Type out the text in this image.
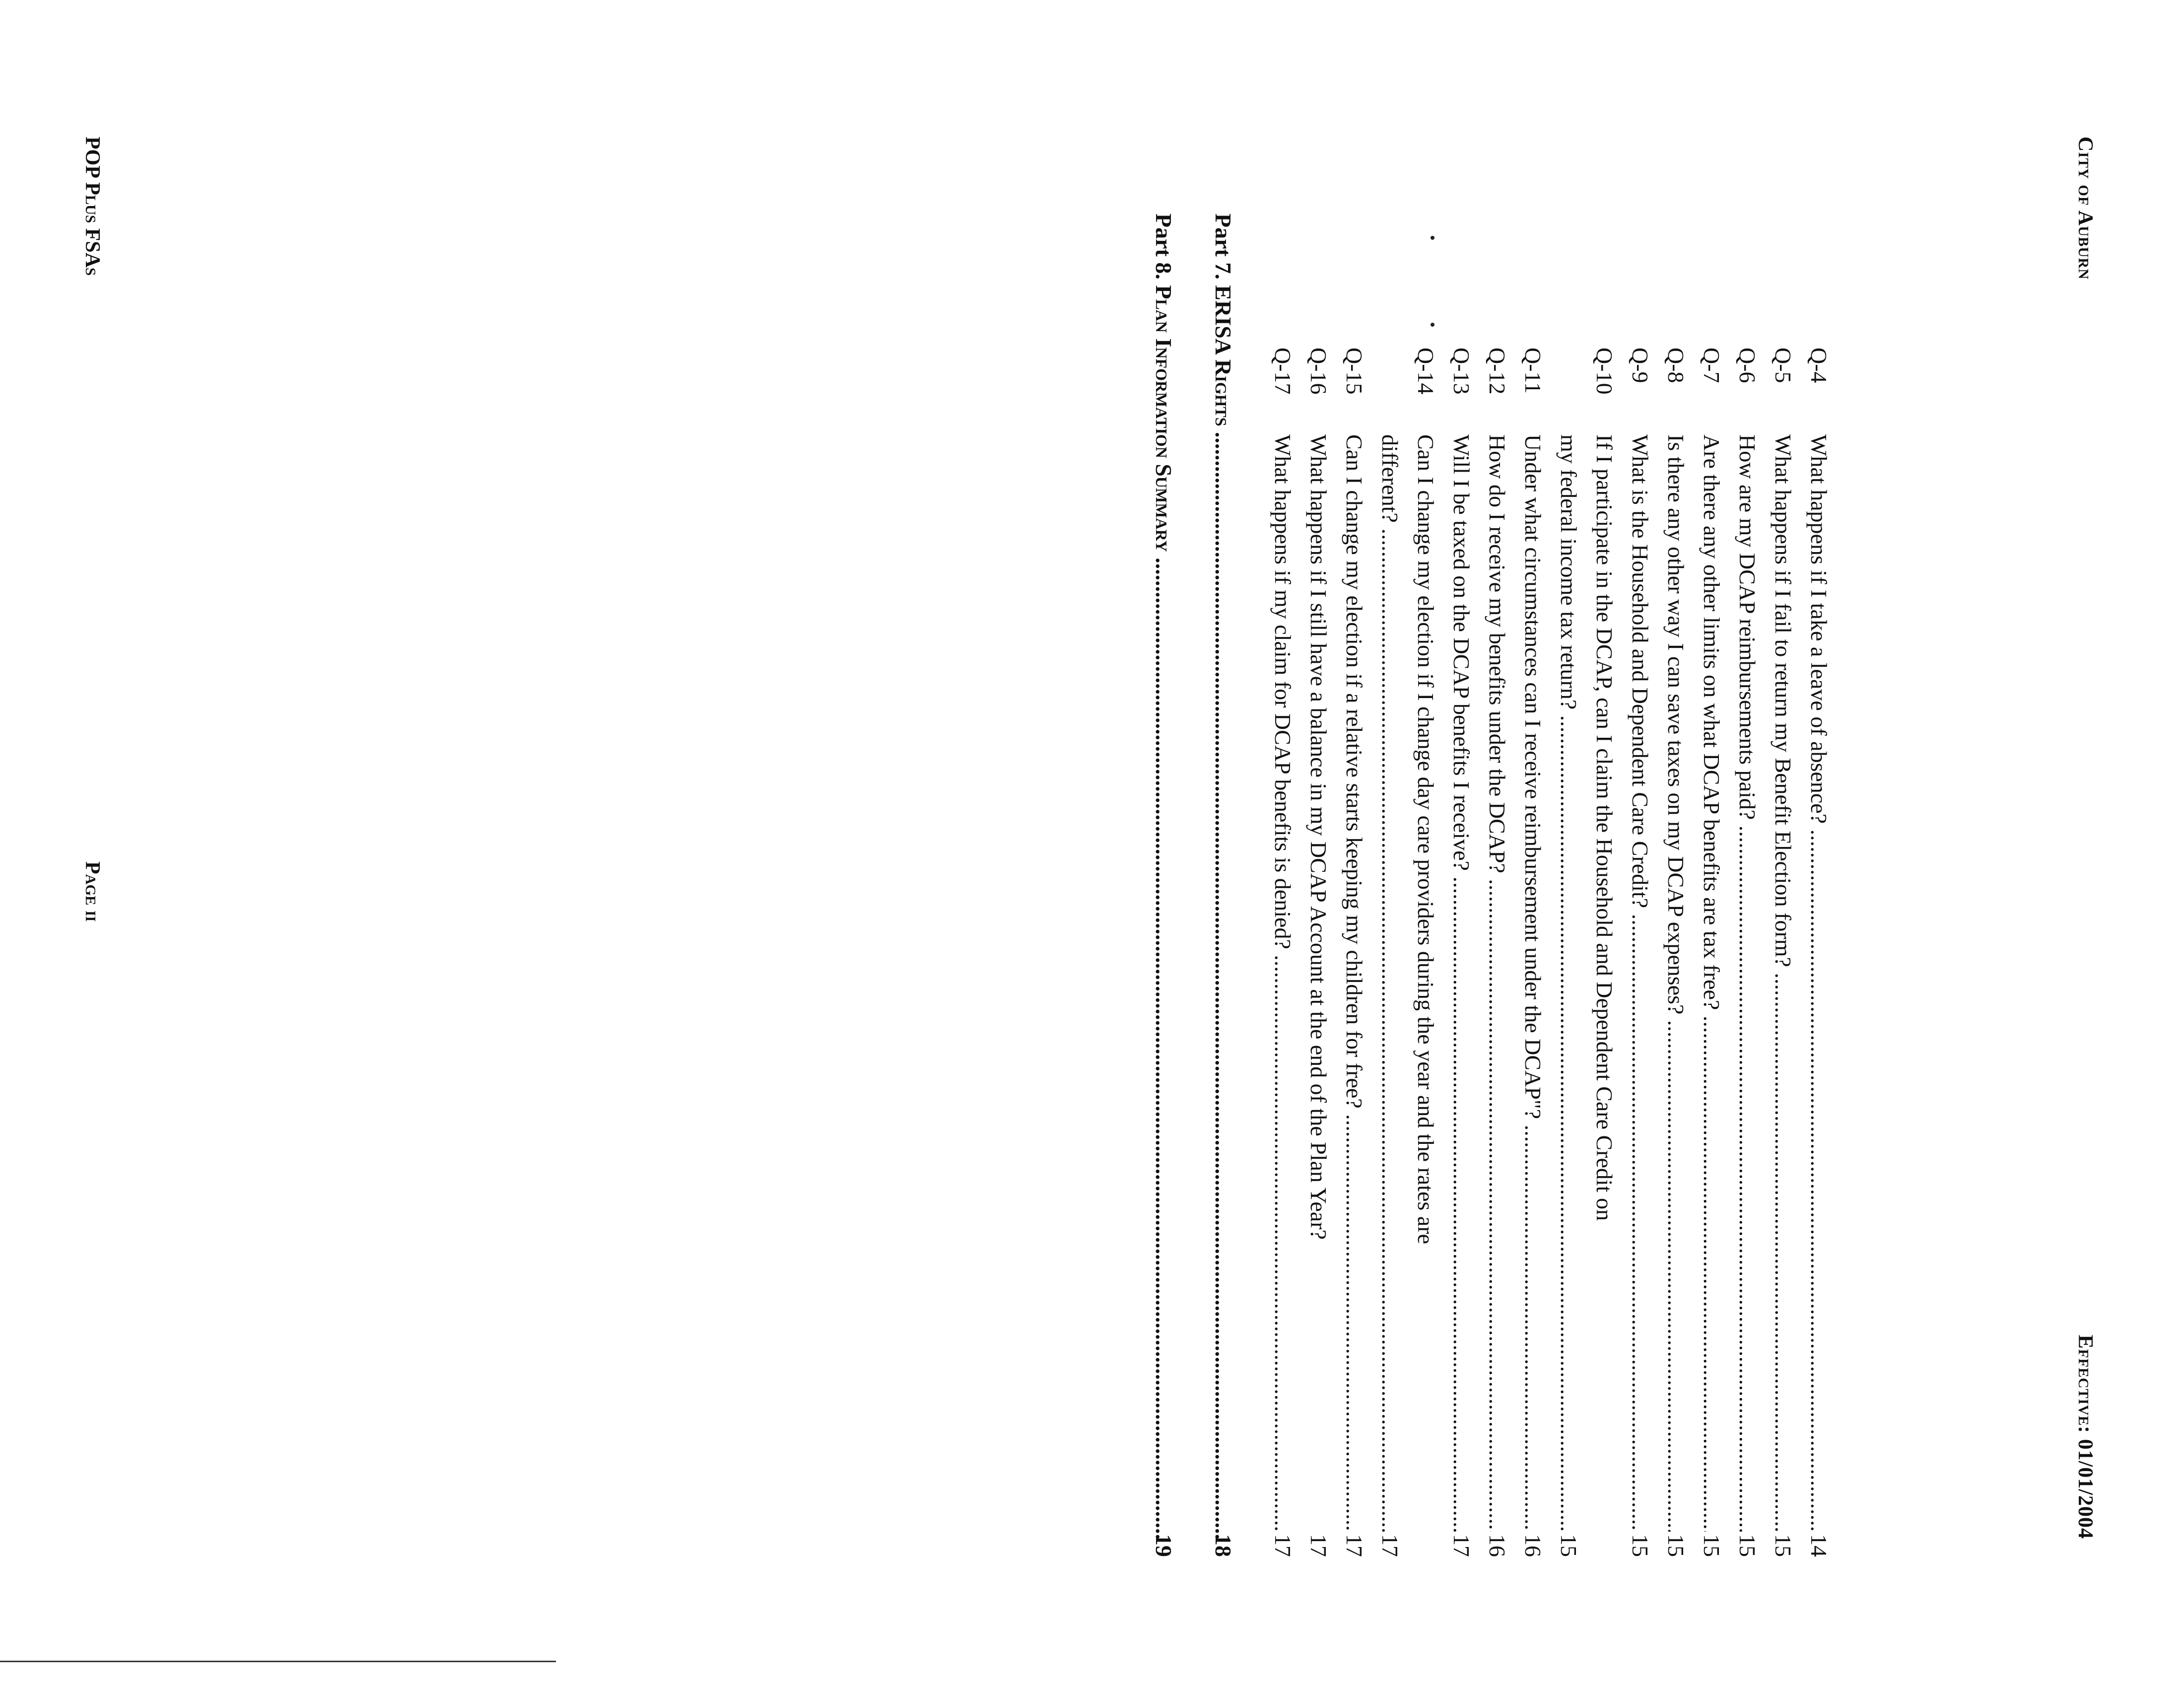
City of Auburn
Effective: 01/01/2004
Q-4
What happens if I take a leave of absence? .....
14
Q-5
What happens if I fail to return my Benefit Election form? .....
15
Q-6
How are my DCAP reimbursements paid? .....
15
Q-7
Are there any other limits on what DCAP benefits are tax free? .....
15
Q-8
Is there any other way I can save taxes on my DCAP expenses? .....
15
Q-9
What is the Household and Dependent Care Credit? .....
15
Q-10
If I participate in the DCAP, can I claim the Household and Dependent Care Credit on
my federal income tax return? .....
15
Q-11
Under what circumstances can I receive reimbursement under the DCAP"? .....
16
Q-12
How do I receive my benefits under the DCAP? .....
16
Q-13
Will I be taxed on the DCAP benefits I receive? .....
17
Q-14
Can I change my election if I change day care providers during the year and the rates are
different? .....
17
Q-15
Can I change my election if a relative starts keeping my children for free? .....
17
Q-16
What happens if I still have a balance in my DCAP Account at the end of the Plan Year?
17
Q-17
What happens if my claim for DCAP benefits is denied? .....
17
Part 7. ERISA Rights .....
18
Part 8. Plan Information Summary .....
19
POP Plus FSAs
Page ii
